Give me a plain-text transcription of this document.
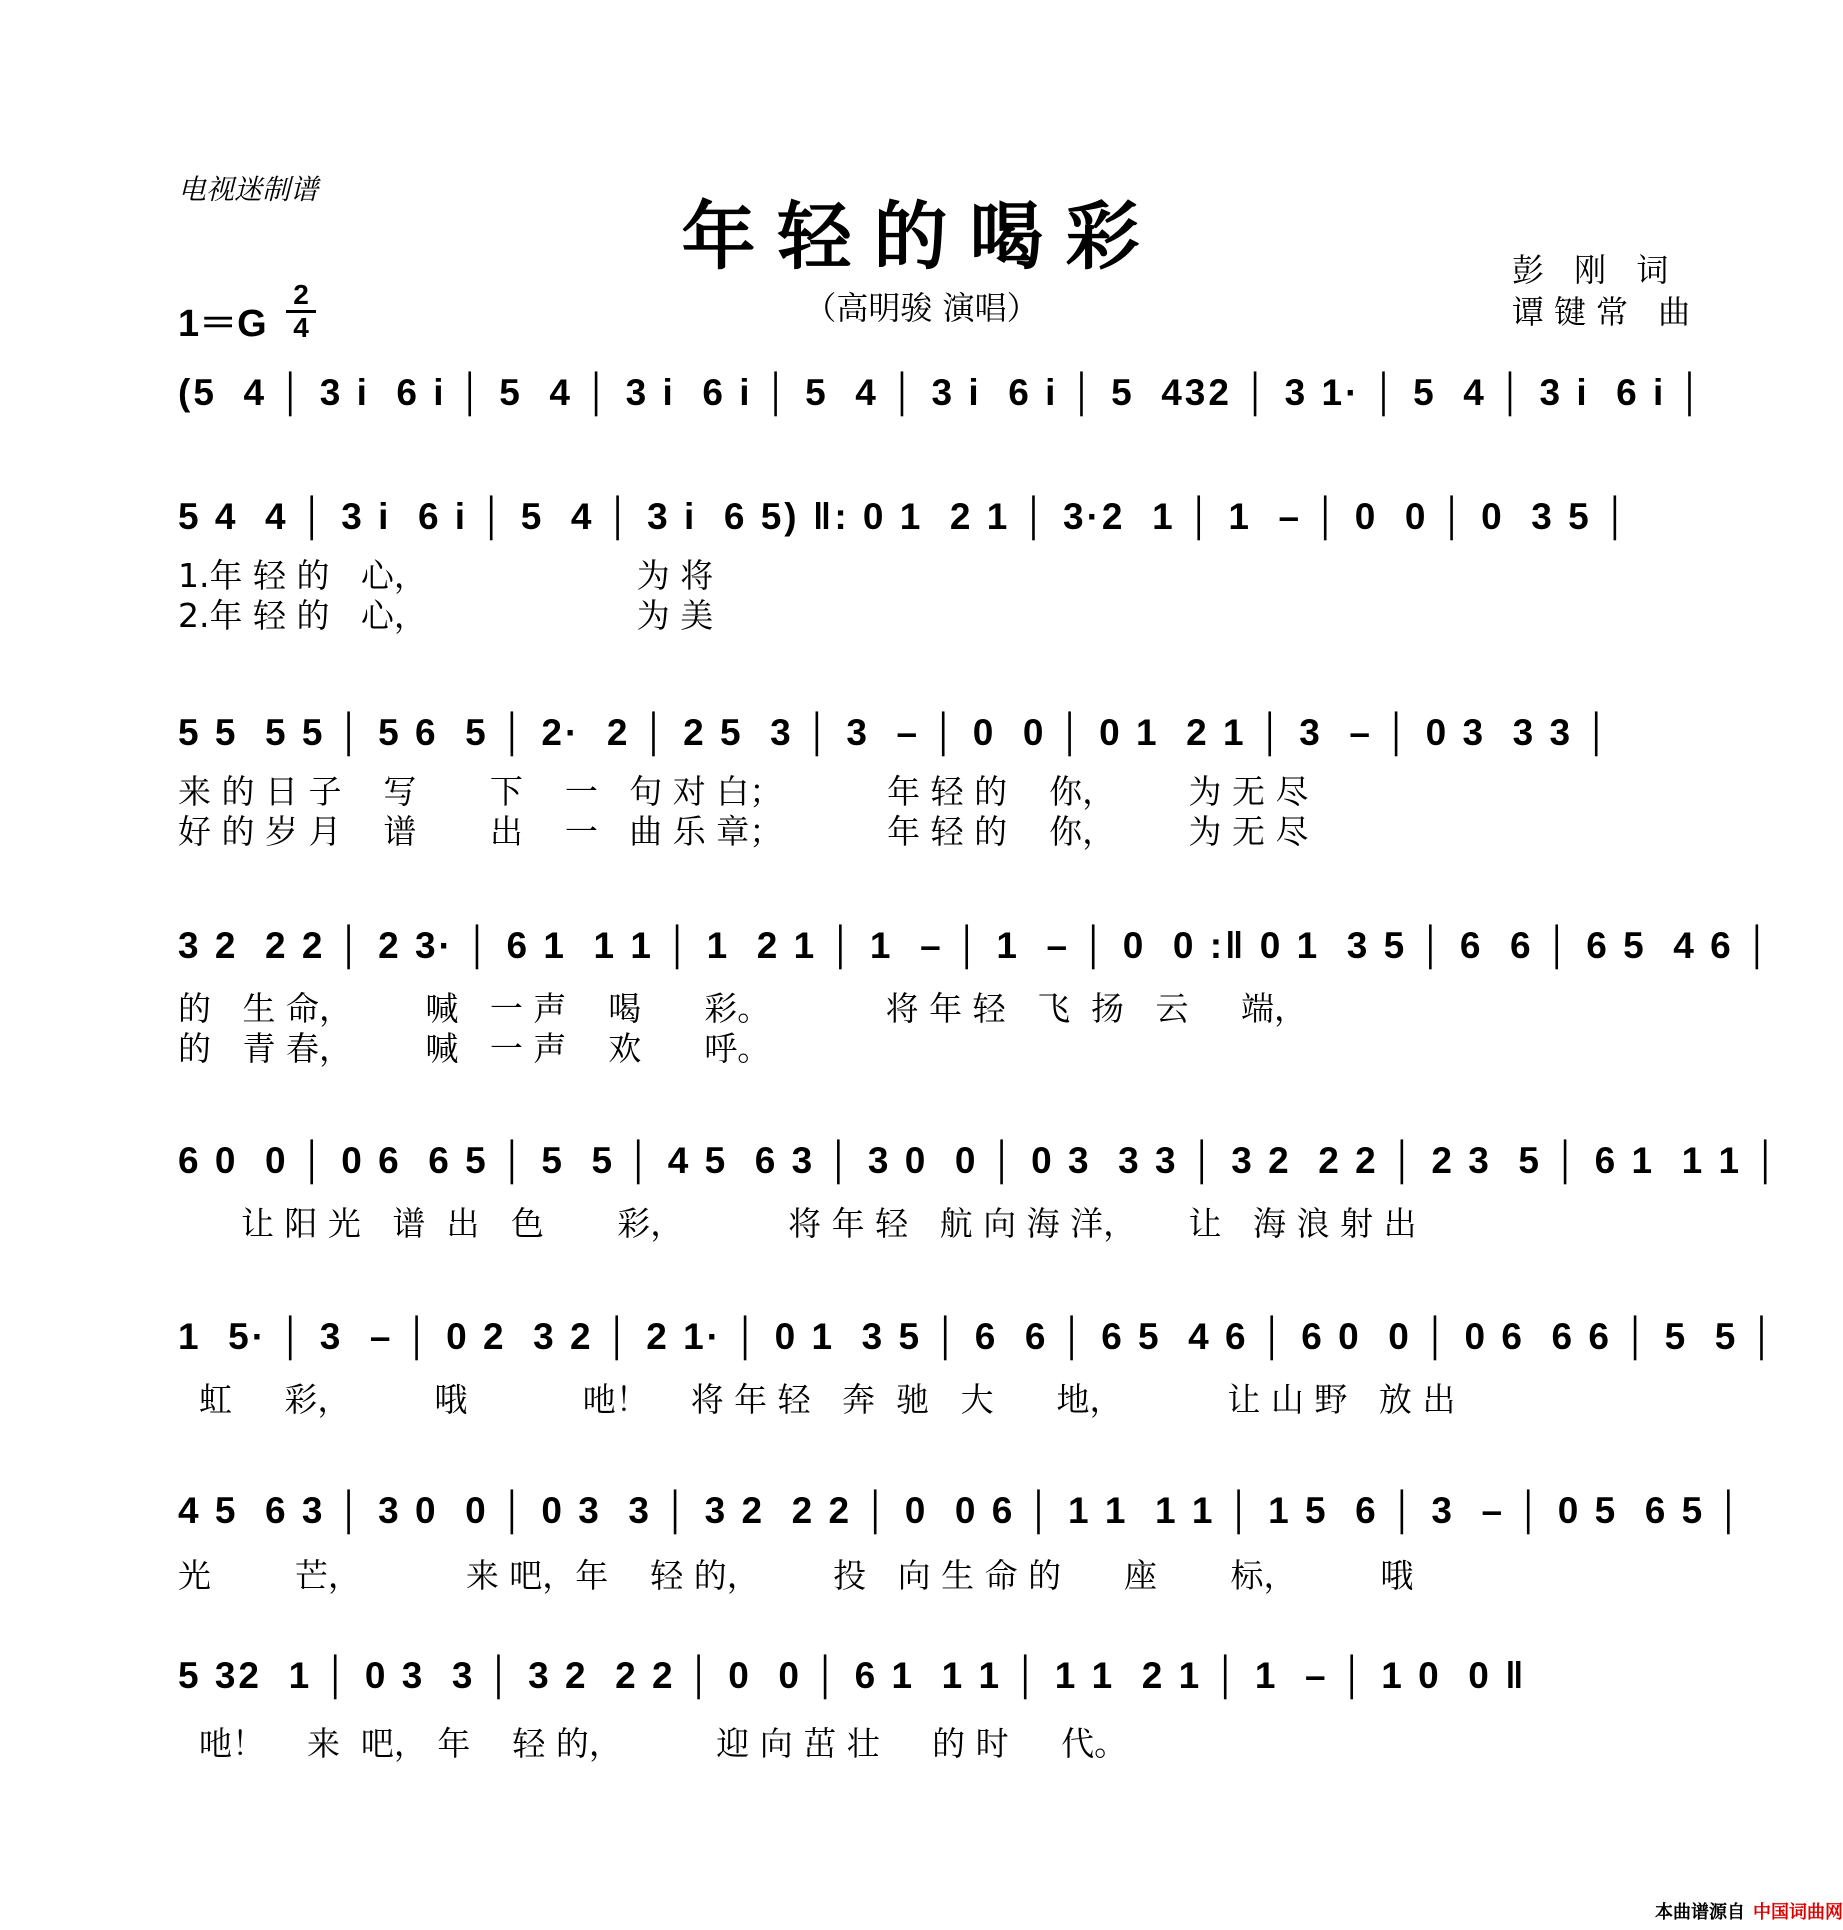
电视迷制谱
年轻的喝彩
（高明骏 演唱）
彭 刚 词
谭键常 曲
1＝G
2
4
(5  4 │ 3 i  6 i │ 5  4 │ 3 i  6 i │ 5  4 │ 3 i  6 i │ 5  432 │ 3 1· │ 5  4 │ 3 i  6 i │
5 4  4 │ 3 i  6 i │ 5  4 │ 3 i  6 5) ‖: 0 1  2 1 │ 3·2  1 │ 1  – │ 0  0 │ 0  3 5 │
1.年 轻 的   心，                    为 将
2.年 轻 的   心，                    为 美
5 5  5 5 │ 5 6  5 │ 2·  2 │ 2 5  3 │ 3  – │ 0  0 │ 0 1  2 1 │ 3  – │ 0 3  3 3 │
来 的 日 子    写       下    一   句 对 白；          年 轻 的    你，       为 无 尽
好 的 岁 月    谱       出    一   曲 乐 章；          年 轻 的    你，       为 无 尽
3 2  2 2 │ 2 3· │ 6 1  1 1 │ 1  2 1 │ 1  – │ 1  – │ 0  0 :‖ 0 1  3 5 │ 6  6 │ 6 5  4 6 │
的   生 命，       喊   一 声    喝      彩。           将 年 轻   飞  扬   云     端，
的   青 春，       喊   一 声    欢      呼。
6 0  0 │ 0 6  6 5 │ 5  5 │ 4 5  6 3 │ 3 0  0 │ 0 3  3 3 │ 3 2  2 2 │ 2 3  5 │ 6 1  1 1 │
让 阳 光   谱  出   色       彩，          将 年 轻   航 向 海 洋，     让   海 浪 射 出
1  5· │ 3  – │ 0 2  3 2 │ 2 1· │ 0 1  3 5 │ 6  6 │ 6 5  4 6 │ 6 0  0 │ 0 6  6 6 │ 5  5 │
虹     彩，        哦           吔！    将 年 轻   奔  驰   大      地，          让 山 野   放 出
4 5  6 3 │ 3 0  0 │ 0 3  3 │ 3 2  2 2 │ 0  0 6 │ 1 1  1 1 │ 1 5  6 │ 3  – │ 0 5  6 5 │
光        芒，          来 吧，年    轻 的，       投   向 生 命 的      座       标，        哦
5 32  1 │ 0 3  3 │ 3 2  2 2 │ 0  0 │ 6 1  1 1 │ 1 1  2 1 │ 1  – │ 1 0  0 ‖
吔！    来  吧， 年    轻 的，         迎 向 茁 壮     的 时     代。
本曲谱源自 中国词曲网
